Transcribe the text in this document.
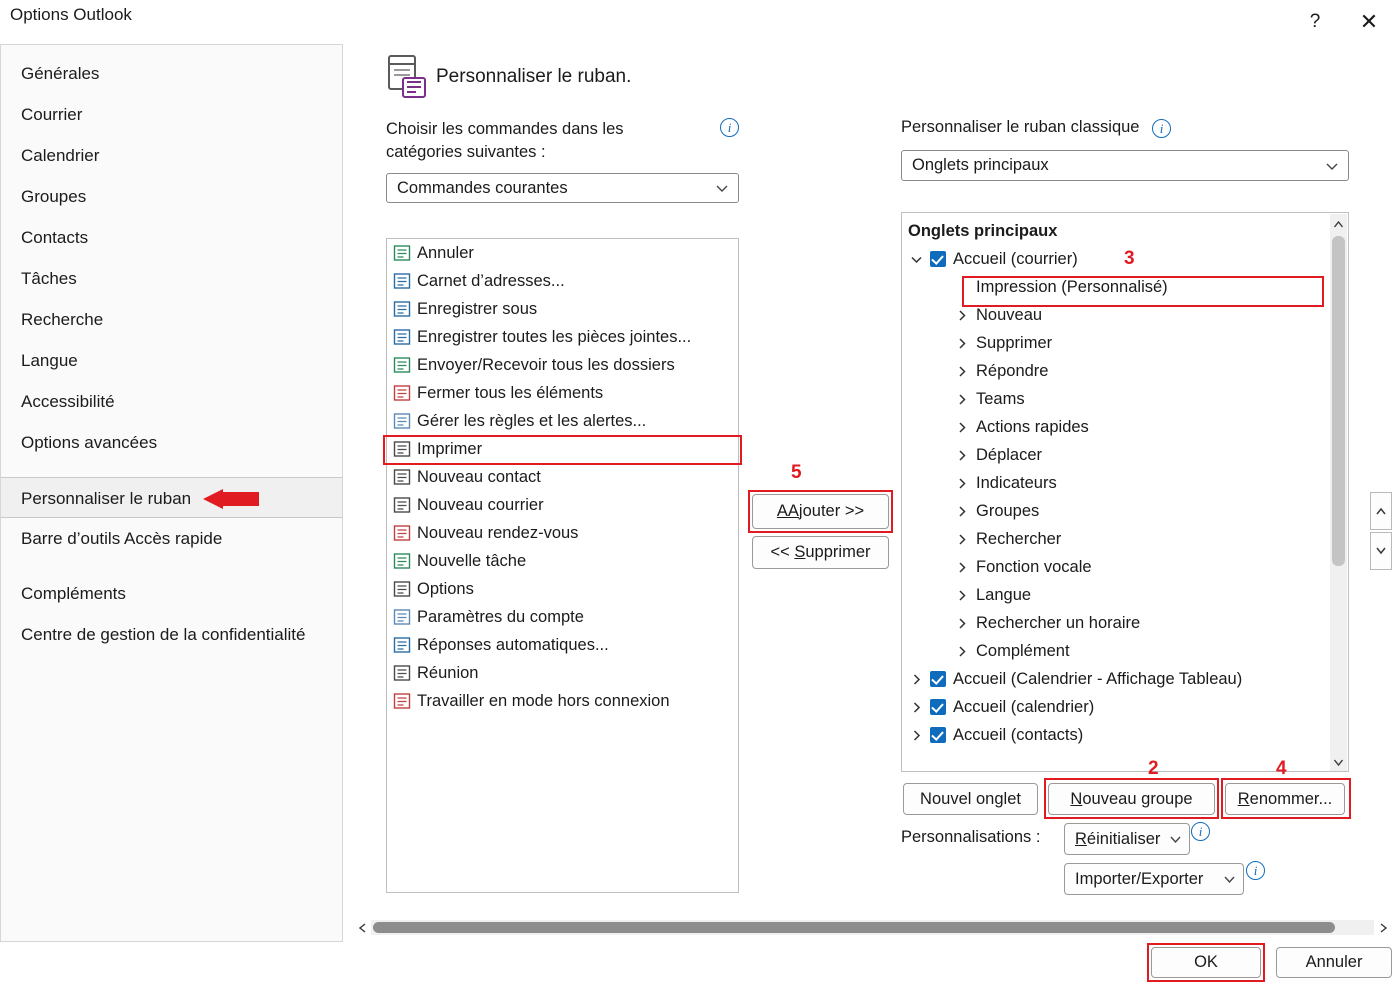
Options Outlook	?	✕
Générales
Courrier
Calendrier
Groupes
Contacts
Tâches
Recherche
Langue
Accessibilité
Options avancées
Personnaliser le ruban
Barre d’outils Accès rapide
Compléments
Centre de gestion de la confidentialité
Personnaliser le ruban.
Choisir les commandes dans les catégories suivantes :
i
Commandes courantes
Annuler
Carnet d’adresses...
Enregistrer sous
Enregistrer toutes les pièces jointes...
Envoyer/Recevoir tous les dossiers
Fermer tous les éléments
Gérer les règles et les alertes...
Imprimer
Nouveau contact
Nouveau courrier
Nouveau rendez-vous
Nouvelle tâche
Options
Paramètres du compte
Réponses automatiques...
Réunion
Travailler en mode hors connexion
5
AAjouter >>
<< Supprimer
Personnaliser le ruban classique	i
Onglets principaux
Onglets principaux
Accueil (courrier)
Impression (Personnalisé)
Nouveau
Supprimer
Répondre
Teams
Actions rapides
Déplacer
Indicateurs
Groupes
Rechercher
Fonction vocale
Langue
Rechercher un horaire
Complément
Accueil (Calendrier - Affichage Tableau)
Accueil (calendrier)
Accueil (contacts)
3
2	4
Nouvel onglet	Nouveau groupe	Renommer...
Personnalisations : Réinitialiser	i
Importer/Exporter	i
OK	Annuler
